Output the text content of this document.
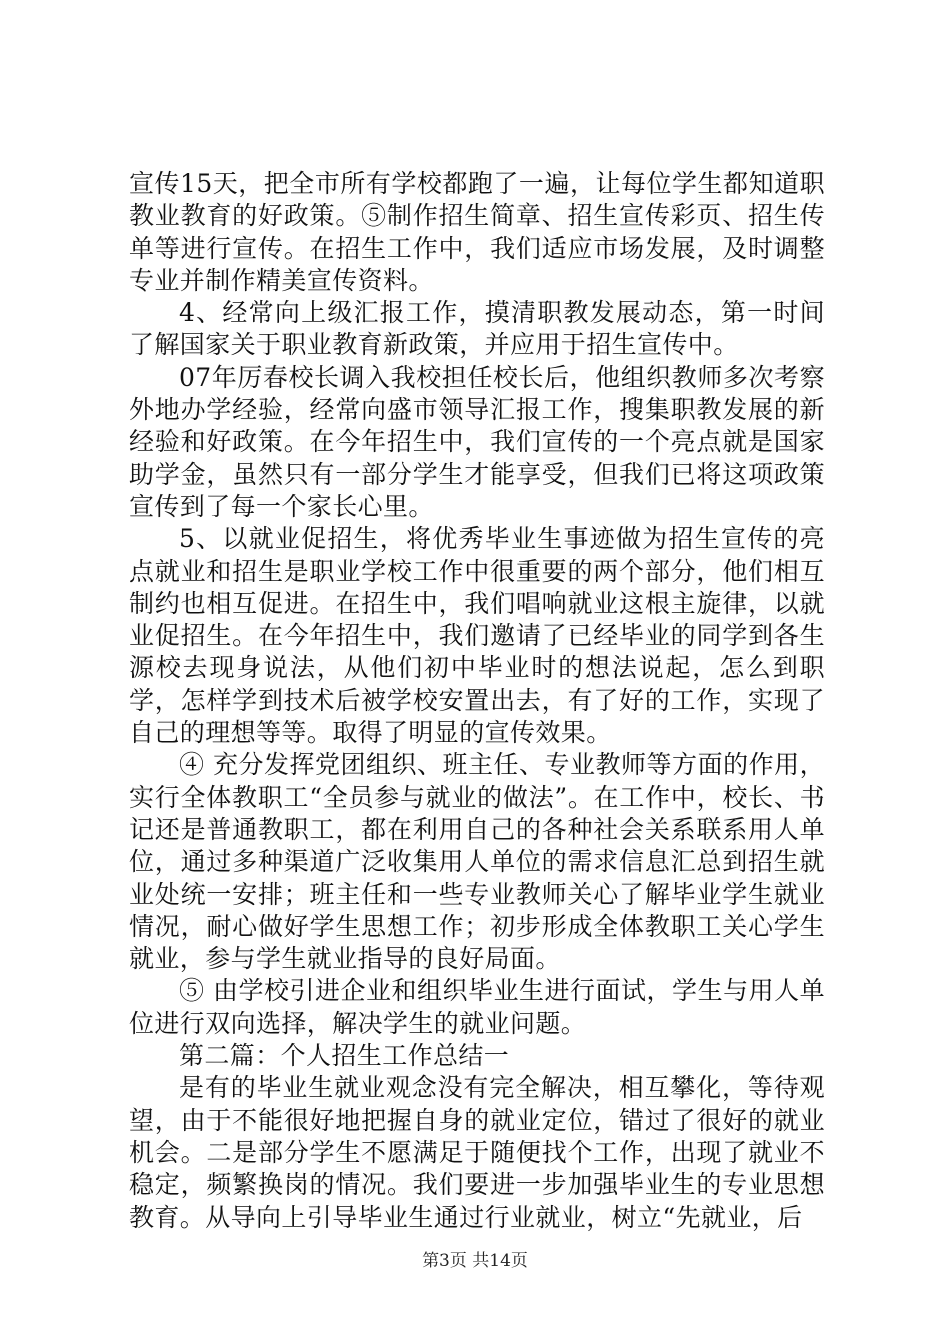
宣传15天，把全市所有学校都跑了一遍，让每位学生都知道职教业教育的好政策。⑤制作招生简章、招生宣传彩页、招生传单等进行宣传。在招生工作中，我们适应市场发展，及时调整专业并制作精美宣传资料。

4、经常向上级汇报工作，摸清职教发展动态，第一时间了解国家关于职业教育新政策，并应用于招生宣传中。

07年厉春校长调入我校担任校长后，他组织教师多次考察外地办学经验，经常向盛市领导汇报工作，搜集职教发展的新经验和好政策。在今年招生中，我们宣传的一个亮点就是国家助学金，虽然只有一部分学生才能享受，但我们已将这项政策宣传到了每一个家长心里。

5、以就业促招生，将优秀毕业生事迹做为招生宣传的亮点就业和招生是职业学校工作中很重要的两个部分，他们相互制约也相互促进。在招生中，我们唱响就业这根主旋律，以就业促招生。在今年招生中，我们邀请了已经毕业的同学到各生源校去现身说法，从他们初中毕业时的想法说起，怎么到职学，怎样学到技术后被学校安置出去，有了好的工作，实现了自己的理想等等。取得了明显的宣传效果。

④ 充分发挥党团组织、班主任、专业教师等方面的作用，实行全体教职工“全员参与就业的做法”。在工作中，校长、书记还是普通教职工，都在利用自己的各种社会关系联系用人单位，通过多种渠道广泛收集用人单位的需求信息汇总到招生就业处统一安排；班主任和一些专业教师关心了解毕业学生就业情况，耐心做好学生思想工作；初步形成全体教职工关心学生就业，参与学生就业指导的良好局面。

⑤ 由学校引进企业和组织毕业生进行面试，学生与用人单位进行双向选择，解决学生的就业问题。

第二篇：个人招生工作总结一

是有的毕业生就业观念没有完全解决，相互攀化，等待观望，由于不能很好地把握自身的就业定位，错过了很好的就业机会。二是部分学生不愿满足于随便找个工作，出现了就业不稳定，频繁换岗的情况。我们要进一步加强毕业生的专业思想教育。从导向上引导毕业生通过行业就业，树立“先就业，后

第3页 共14页
